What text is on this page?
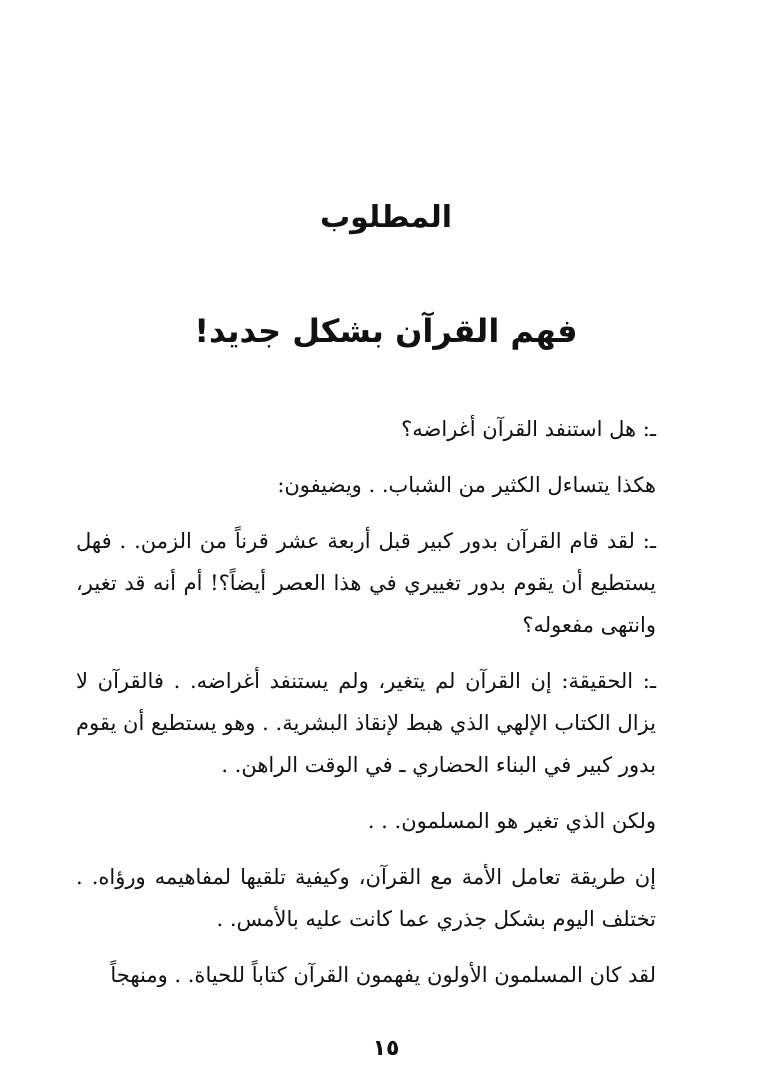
المطلوب
فهم القرآن بشكل جديد!

ـ: هل استنفد القرآن أغراضه؟

هكذا يتساءل الكثير من الشباب. . ويضيفون:

ـ: لقد قام القرآن بدور كبير قبل أربعة عشر قرناً من الزمن. . فهل يستطيع أن يقوم بدور تغييري في هذا العصر أيضاً؟! أم أنه قد تغير، وانتهى مفعوله؟

ـ: الحقيقة: إن القرآن لم يتغير، ولم يستنفد أغراضه. . فالقرآن لا يزال الكتاب الإلهي الذي هبط لإنقاذ البشرية. . وهو يستطيع أن يقوم بدور كبير في البناء الحضاري ـ في الوقت الراهن. .

ولكن الذي تغير هو المسلمون. . .

إن طريقة تعامل الأمة مع القرآن، وكيفية تلقيها لمفاهيمه ورؤاه. . تختلف اليوم بشكل جذري عما كانت عليه بالأمس. .

لقد كان المسلمون الأولون يفهمون القرآن كتاباً للحياة. . ومنهجاً

١٥
